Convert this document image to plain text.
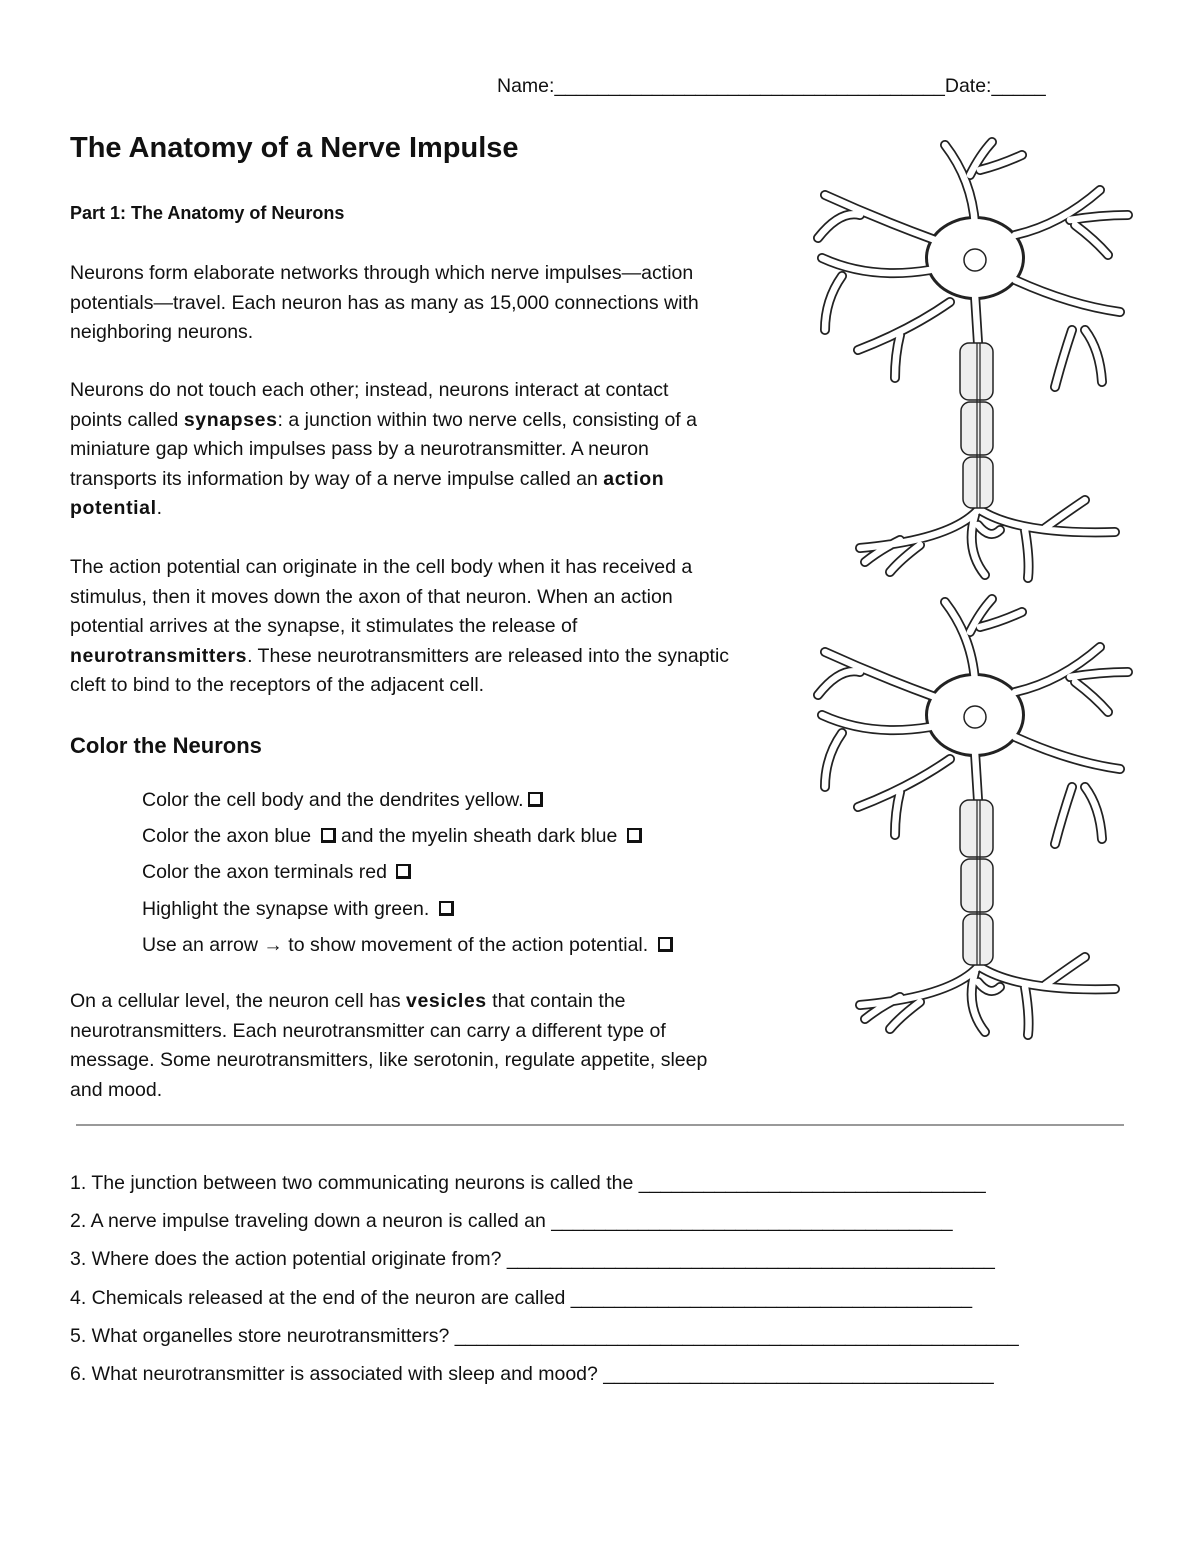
Name:____________________________________Date:_____
The Anatomy of a Nerve Impulse
Part 1: The Anatomy of Neurons
Neurons form elaborate networks through which nerve impulses—action
potentials—travel. Each neuron has as many as 15,000 connections with
neighboring neurons.
Neurons do not touch each other; instead, neurons interact at contact
points called synapses: a junction within two nerve cells, consisting of a
miniature gap which impulses pass by a neurotransmitter. A neuron
transports its information by way of a nerve impulse called an action
potential.
The action potential can originate in the cell body when it has received a
stimulus, then it moves down the axon of that neuron. When an action
potential arrives at the synapse, it stimulates the release of
neurotransmitters. These neurotransmitters are released into the synaptic
cleft to bind to the receptors of the adjacent cell.
Color the Neurons
Color the cell body and the dendrites yellow.
Color the axon blue  and the myelin sheath dark blue
Color the axon terminals red
Highlight the synapse with green.
Use an arrow → to show movement of the action potential.
On a cellular level, the neuron cell has vesicles that contain the
neurotransmitters. Each neurotransmitter can carry a different type of
message. Some neurotransmitters, like serotonin, regulate appetite, sleep
and mood.
1. The junction between two communicating neurons is called the ________________________________
2. A nerve impulse traveling down a neuron is called an _____________________________________
3. Where does the action potential originate from? _____________________________________________
4. Chemicals released at the end of the neuron are called _____________________________________
5. What organelles store neurotransmitters? ____________________________________________________
6. What neurotransmitter is associated with sleep and mood? ____________________________________
